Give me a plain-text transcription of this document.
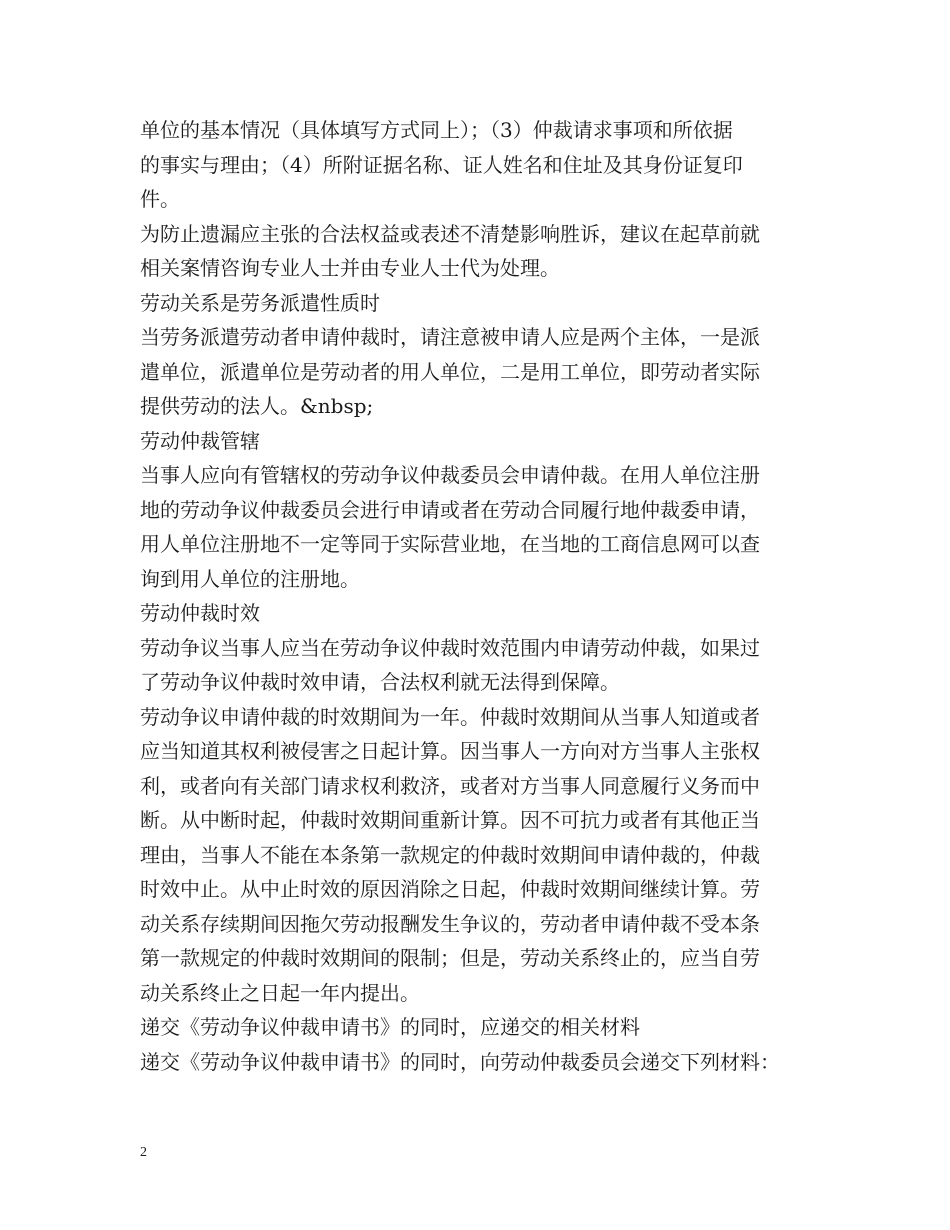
单位的基本情况（具体填写方式同上）；（3）仲裁请求事项和所依据
的事实与理由；（4）所附证据名称、证人姓名和住址及其身份证复印
件。
为防止遗漏应主张的合法权益或表述不清楚影响胜诉，建议在起草前就
相关案情咨询专业人士并由专业人士代为处理。
劳动关系是劳务派遣性质时
当劳务派遣劳动者申请仲裁时，请注意被申请人应是两个主体，一是派
遣单位，派遣单位是劳动者的用人单位，二是用工单位，即劳动者实际
提供劳动的法人。&nbsp;
劳动仲裁管辖
当事人应向有管辖权的劳动争议仲裁委员会申请仲裁。在用人单位注册
地的劳动争议仲裁委员会进行申请或者在劳动合同履行地仲裁委申请，
用人单位注册地不一定等同于实际营业地，在当地的工商信息网可以查
询到用人单位的注册地。
劳动仲裁时效
劳动争议当事人应当在劳动争议仲裁时效范围内申请劳动仲裁，如果过
了劳动争议仲裁时效申请，合法权利就无法得到保障。
劳动争议申请仲裁的时效期间为一年。仲裁时效期间从当事人知道或者
应当知道其权利被侵害之日起计算。因当事人一方向对方当事人主张权
利，或者向有关部门请求权利救济，或者对方当事人同意履行义务而中
断。从中断时起，仲裁时效期间重新计算。因不可抗力或者有其他正当
理由，当事人不能在本条第一款规定的仲裁时效期间申请仲裁的，仲裁
时效中止。从中止时效的原因消除之日起，仲裁时效期间继续计算。劳
动关系存续期间因拖欠劳动报酬发生争议的，劳动者申请仲裁不受本条
第一款规定的仲裁时效期间的限制；但是，劳动关系终止的，应当自劳
动关系终止之日起一年内提出。
递交《劳动争议仲裁申请书》的同时，应递交的相关材料
递交《劳动争议仲裁申请书》的同时，向劳动仲裁委员会递交下列材料：
2
